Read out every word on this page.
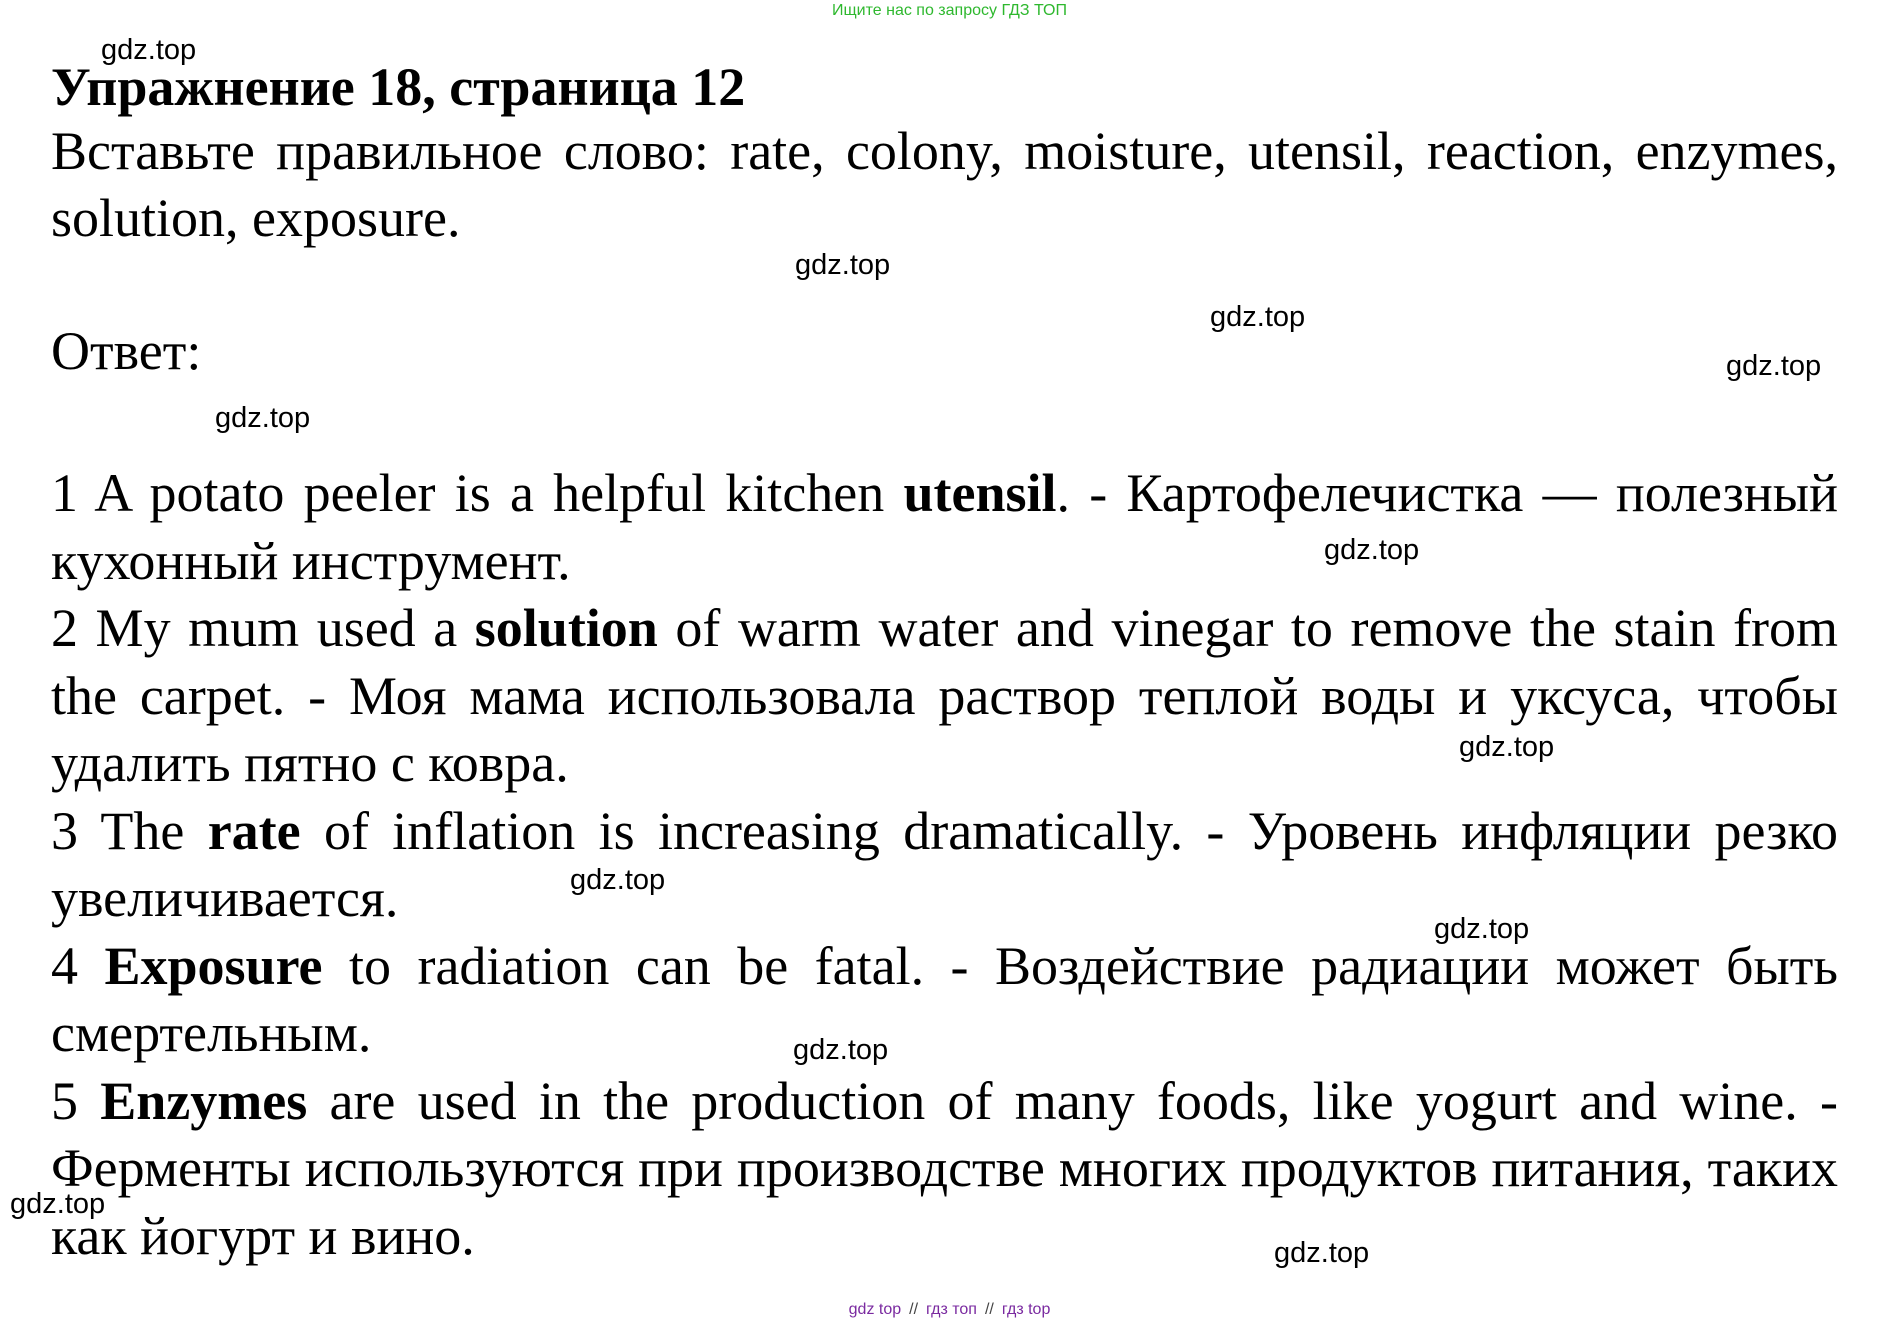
Ищите нас по запросу ГДЗ ТОП
Упражнение 18, страница 12

Вставьте правильное слово: rate, colony, moisture, utensil, reaction, enzymes, solution, exposure.

Ответ:

1 A potato peeler is a helpful kitchen utensil. - Картофелечистка — полезный кухонный инструмент.
2 My mum used a solution of warm water and vinegar to remove the stain from the carpet. - Моя мама использовала раствор теплой воды и уксуса, чтобы удалить пятно с ковра.
3 The rate of inflation is increasing dramatically. - Уровень инфляции резко увеличивается.
4 Exposure to radiation can be fatal. - Воздействие радиации может быть смертельным.
5 Enzymes are used in the production of many foods, like yogurt and wine. - Ферменты используются при производстве многих продуктов питания, таких как йогурт и вино.
gdz.top
gdz.top
gdz.top
gdz.top
gdz.top
gdz.top
gdz.top
gdz.top
gdz.top
gdz.top
gdz.top
gdz.top
gdz top // гдз топ // гдз top
